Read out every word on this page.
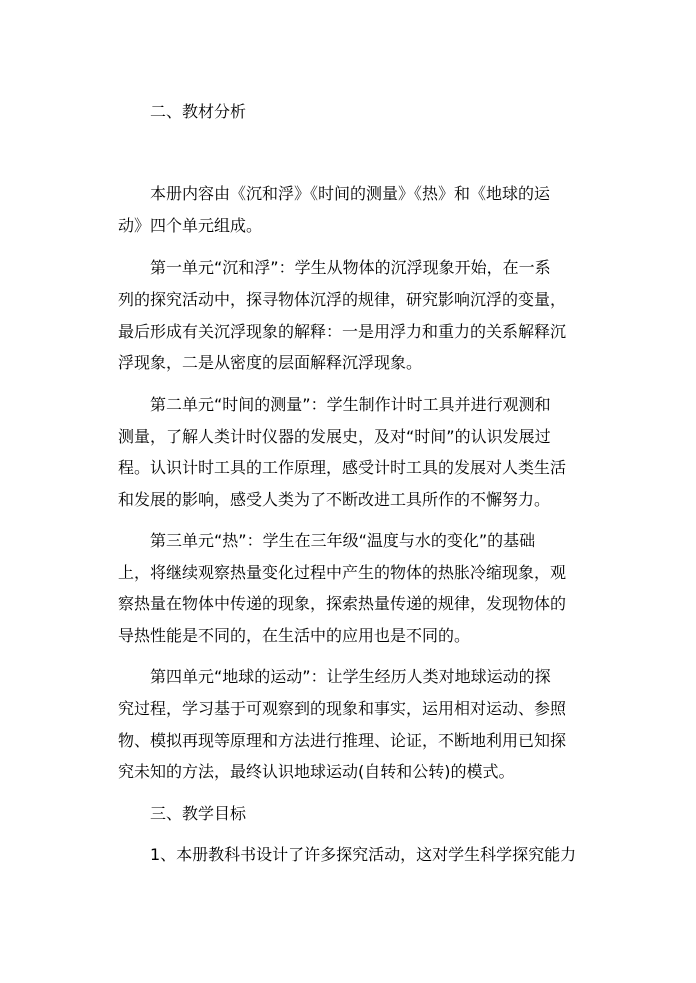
二、教材分析
本册内容由《沉和浮》《时间的测量》《热》和《地球的运
动》四个单元组成。
第一单元“沉和浮”：学生从物体的沉浮现象开始，在一系
列的探究活动中，探寻物体沉浮的规律，研究影响沉浮的变量，
最后形成有关沉浮现象的解释：一是用浮力和重力的关系解释沉
浮现象，二是从密度的层面解释沉浮现象。
第二单元“时间的测量”：学生制作计时工具并进行观测和
测量，了解人类计时仪器的发展史，及对“时间”的认识发展过
程。认识计时工具的工作原理，感受计时工具的发展对人类生活
和发展的影响，感受人类为了不断改进工具所作的不懈努力。
第三单元“热”：学生在三年级“温度与水的变化”的基础
上，将继续观察热量变化过程中产生的物体的热胀冷缩现象，观
察热量在物体中传递的现象，探索热量传递的规律，发现物体的
导热性能是不同的，在生活中的应用也是不同的。
第四单元“地球的运动”：让学生经历人类对地球运动的探
究过程，学习基于可观察到的现象和事实，运用相对运动、参照
物、模拟再现等原理和方法进行推理、论证，不断地利用已知探
究未知的方法，最终认识地球运动(自转和公转)的模式。
三、教学目标
1、本册教科书设计了许多探究活动，这对学生科学探究能力
